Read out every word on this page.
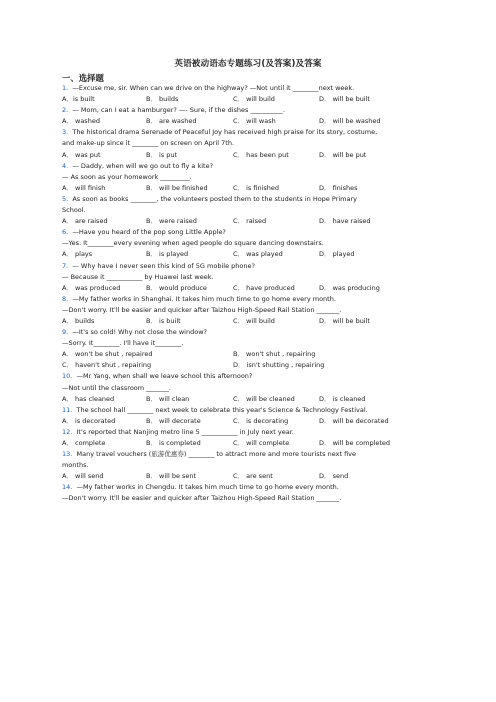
英语被动语态专题练习(及答案)及答案
一、选择题
1. —Excuse me, sir. When can we drive on the highway? —Not until it ________next week.
A．is built	B． builds	C． will build	D． will be built
2. — Mom, can I eat a hamburger? —- Sure, if the dishes __________.
A． washed	B． are washed	C． will wash	D． will be washed
3. The historical drama Serenade of Peaceful Joy has received high praise for its story, costume,
and make-up since it ________ on screen on April 7th.
A． was put	B． is put	C． has been put	D． will be put
4. — Daddy, when will we go out to fly a kite?
— As soon as your homework _________.
A． will finish	B． will be finished	C． is finished	D． finishes
5. As soon as books ________, the volunteers posted them to the students in Hope Primary
School.
A． are raised	B． were raised	C． raised	D． have raised
6. —Have you heard of the pop song Little Apple?
—Yes. It________every evening when aged people do square dancing downstairs.
A． plays	B． is played	C． was played	D． played
7. — Why have I never seen this kind of 5G mobile phone?
— Because it ___________ by Huawei last week.
A． was produced	B． would produce	C． have produced	D． was producing
8. —My father works in Shanghai. It takes him much time to go home every month.
—Don't worry. It'll be easier and quicker after Taizhou High-Speed Rail Station _______.
A． builds	B． is built	C． will build	D． will be built
9. —It's so cold! Why not close the window?
—Sorry. It________. I'll have it________.
A． won't be shut , repaired	B． won't shut , repairing
C． haven't shut , repairing	D． isn't shutting , repairing
10. —Mr Yang, when shall we leave school this afternoon?
—Not until the classroom _______.
A． has cleaned	B． will clean	C． will be cleaned	D． is cleaned
11. The school hall ________ next week to celebrate this year's Science & Technology Festival.
A． is decorated	B． will decorate	C． is decorating	D． will be decorated
12. It's reported that Nanjing metro line 5 ___________ in July next year.
A． complete	B． is completed	C． will complete	D． will be completed
13. Many travel vouchers (旅游优惠券) ________ to attract more and more tourists next five
months.
A． will send	B． will be sent	C． are sent	D． send
14. —My father works in Chengdu. It takes him much time to go home every month.
—Don't worry. It'll be easier and quicker after Taizhou High-Speed Rail Station _______.
